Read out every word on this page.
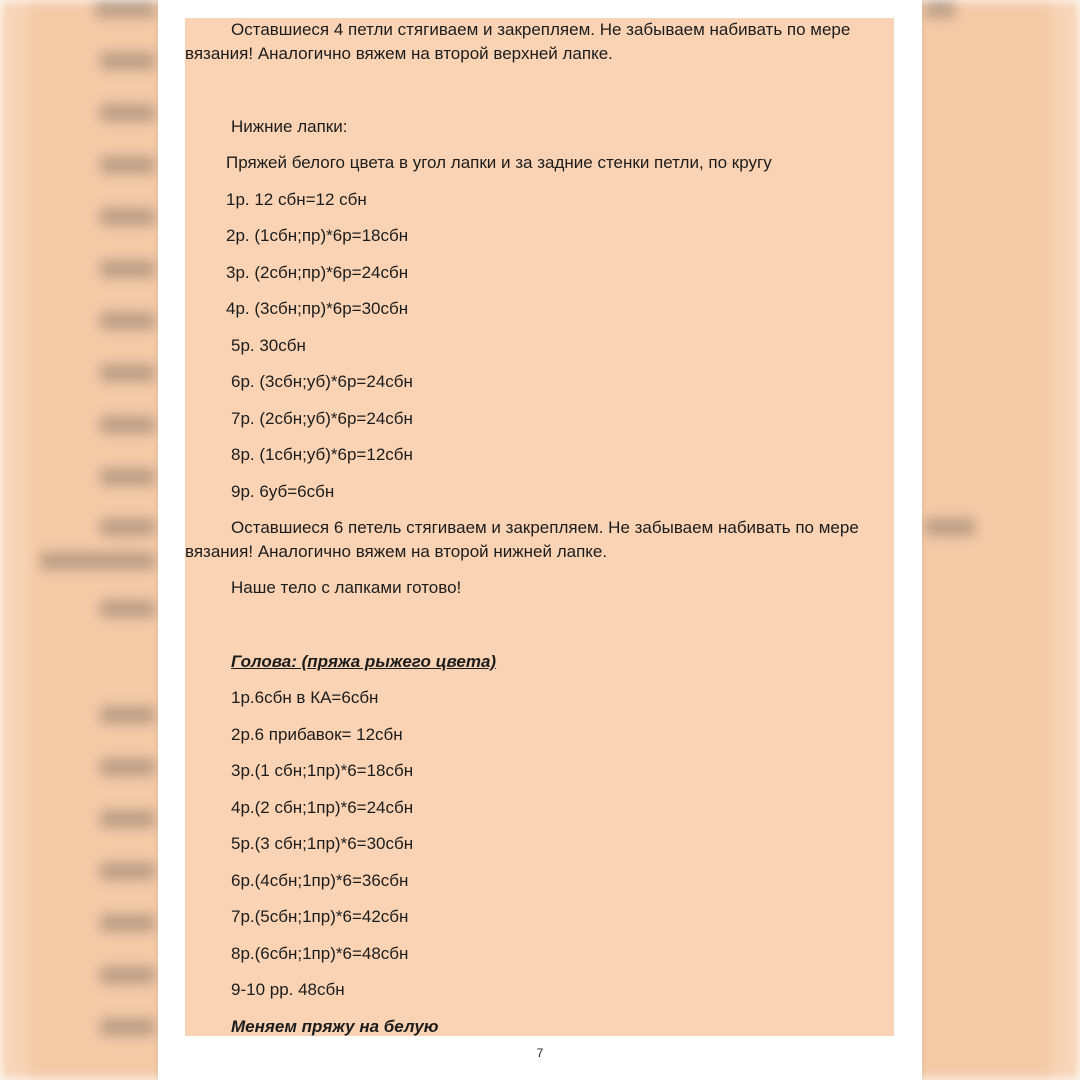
Оставшиеся 4 петли стягиваем и закрепляем. Не забываем набивать по мере вязания! Аналогично вяжем на второй верхней лапке.
Нижние лапки:
Пряжей белого цвета в угол лапки и за задние стенки петли, по кругу
1р. 12 сбн=12 сбн
2р. (1сбн;пр)*6р=18сбн
3р. (2сбн;пр)*6р=24сбн
4р. (3сбн;пр)*6р=30сбн
5р. 30сбн
6р. (3сбн;уб)*6р=24сбн
7р. (2сбн;уб)*6р=24сбн
8р. (1сбн;уб)*6р=12сбн
9р. 6уб=6сбн
Оставшиеся 6 петель стягиваем и закрепляем. Не забываем набивать по мере вязания! Аналогично вяжем на второй нижней лапке.
Наше тело с лапками готово!
Голова: (пряжа рыжего цвета)
1р.6сбн в КА=6сбн
2р.6 прибавок= 12сбн
3р.(1 сбн;1пр)*6=18сбн
4р.(2 сбн;1пр)*6=24сбн
5р.(3 сбн;1пр)*6=30сбн
6р.(4сбн;1пр)*6=36сбн
7р.(5сбн;1пр)*6=42сбн
8р.(6сбн;1пр)*6=48сбн
9-10 рр. 48сбн
Меняем пряжу на белую
7
